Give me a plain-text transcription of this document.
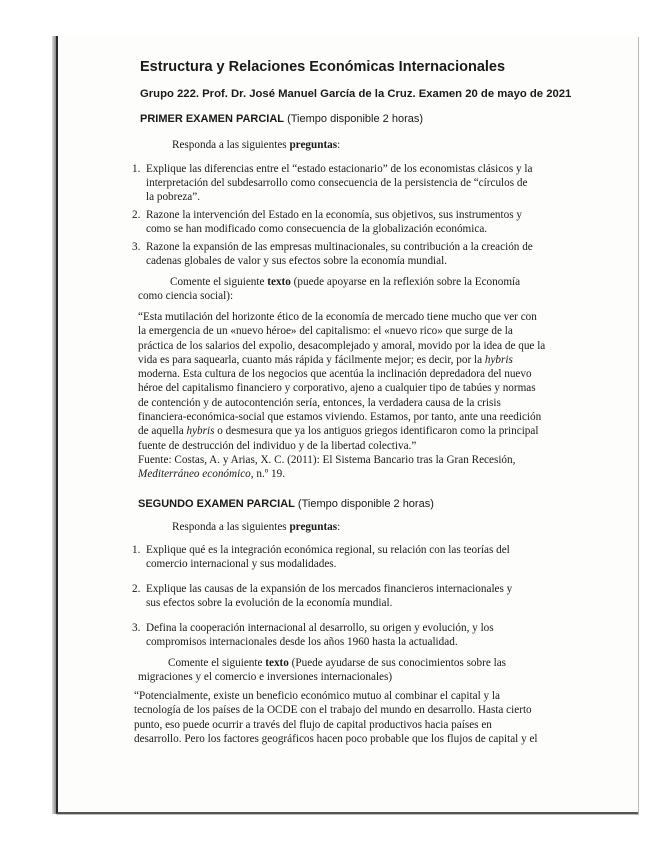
Estructura y Relaciones Económicas Internacionales
Grupo 222. Prof. Dr. José Manuel García de la Cruz. Examen 20 de mayo de 2021
PRIMER EXAMEN PARCIAL (Tiempo disponible 2 horas)
Responda a las siguientes preguntas:
1. Explique las diferencias entre el “estado estacionario” de los economistas clásicos y la
interpretación del subdesarrollo como consecuencia de la persistencia de “círculos de
la pobreza”.
2. Razone la intervención del Estado en la economía, sus objetivos, sus instrumentos y
como se han modificado como consecuencia de la globalización económica.
3. Razone la expansión de las empresas multinacionales, su contribución a la creación de
cadenas globales de valor y sus efectos sobre la economía mundial.
Comente el siguiente texto (puede apoyarse en la reflexión sobre la Economía
como ciencia social):
“Esta mutilación del horizonte ético de la economía de mercado tiene mucho que ver con
la emergencia de un «nuevo héroe» del capitalismo: el «nuevo rico» que surge de la
práctica de los salarios del expolio, desacomplejado y amoral, movido por la idea de que la
vida es para saquearla, cuanto más rápida y fácilmente mejor; es decir, por la hybris
moderna. Esta cultura de los negocios que acentúa la inclinación depredadora del nuevo
héroe del capitalismo financiero y corporativo, ajeno a cualquier tipo de tabúes y normas
de contención y de autocontención sería, entonces, la verdadera causa de la crisis
financiera-económica-social que estamos viviendo. Estamos, por tanto, ante una reedición
de aquella hybris o desmesura que ya los antiguos griegos identificaron como la principal
fuente de destrucción del individuo y de la libertad colectiva.”
Fuente: Costas, A. y Arias, X. C. (2011): El Sistema Bancario tras la Gran Recesión,
Mediterráneo económico, n.º 19.
SEGUNDO EXAMEN PARCIAL (Tiempo disponible 2 horas)
Responda a las siguientes preguntas:
1. Explique qué es la integración económica regional, su relación con las teorías del
comercio internacional y sus modalidades.
2. Explique las causas de la expansión de los mercados financieros internacionales y
sus efectos sobre la evolución de la economía mundial.
3. Defina la cooperación internacional al desarrollo, su origen y evolución, y los
compromisos internacionales desde los años 1960 hasta la actualidad.
Comente el siguiente texto (Puede ayudarse de sus conocimientos sobre las
migraciones y el comercio e inversiones internacionales)
“Potencialmente, existe un beneficio económico mutuo al combinar el capital y la
tecnología de los países de la OCDE con el trabajo del mundo en desarrollo. Hasta cierto
punto, eso puede ocurrir a través del flujo de capital productivos hacia países en
desarrollo. Pero los factores geográficos hacen poco probable que los flujos de capital y el
